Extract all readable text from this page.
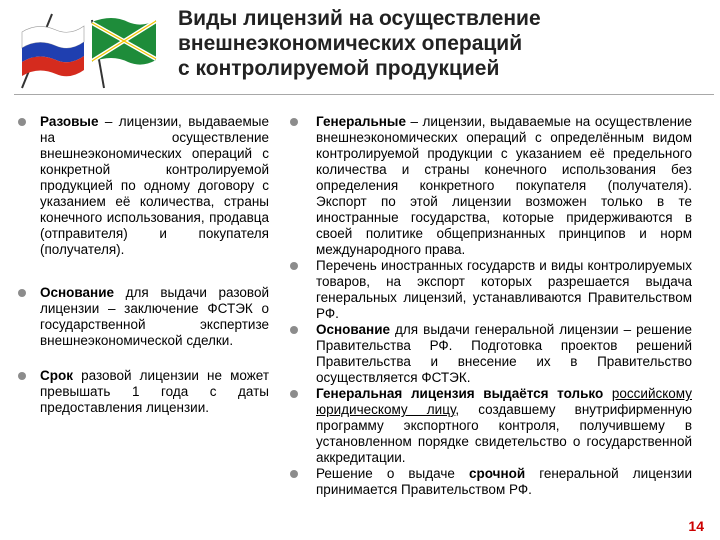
Виды лицензий на осуществление
внешнеэкономических операций
с контролируемой продукцией
Разовые – лицензии, выдаваемые на осуществление внешнеэкономических операций с конкретной контролируемой продукцией по одному договору с указанием её количества, страны конечного использования, продавца (отправителя) и покупателя (получателя).
Основание для выдачи разовой лицензии – заключение ФСТЭК о государственной экспертизе внешнеэкономической сделки.
Срок разовой лицензии не может превышать 1 года с даты предоставления лицензии.
Генеральные – лицензии, выдаваемые на осуществление внешнеэкономических операций с определённым видом контролируемой продукции с указанием её предельного количества и страны конечного использования без определения конкретного покупателя (получателя). Экспорт по этой лицензии возможен только в те иностранные государства, которые придерживаются в своей политике общепризнанных принципов и норм международного права.
Перечень иностранных государств и виды контролируемых товаров, на экспорт которых разрешается выдача генеральных лицензий, устанавливаются Правительством РФ.
Основание для выдачи генеральной лицензии – решение Правительства РФ. Подготовка проектов решений Правительства и внесение их в Правительство осуществляется ФСТЭК.
Генеральная лицензия выдаётся только российскому юридическому лицу, создавшему внутрифирменную программу экспортного контроля, получившему в установленном порядке свидетельство о государственной аккредитации.
Решение о выдаче срочной генеральной лицензии принимается Правительством РФ.
14
